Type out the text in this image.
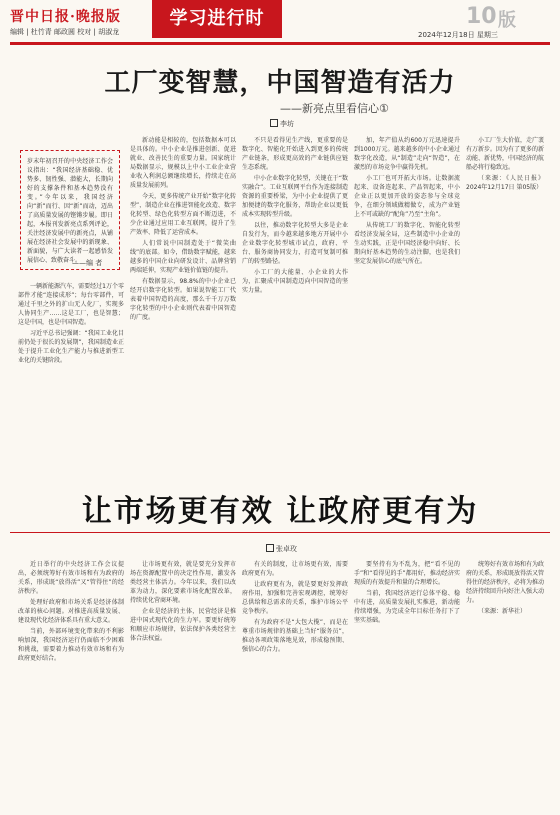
晋中日报·晚报版
编辑 | 杜竹青 邮政圆 校对 | 胡淑龙
学习进行时	10 版
2024年12月18日 星期三
工厂变智慧，中国智造有活力
——新亮点里看信心①
李坊
岁末年初召开的中央经济工作会议指出：“我国经济基础稳、优势多、韧性强、潜能大，长期向好的支撑条件和基本趋势没有变。”今年以来，我国经济向“新”而行、因“新”而动，迈出了高质量发展的铿锵步履。即日起，本报刊发新亮点系列评论，关注经济发展中的新亮点，从铺展在经济社会发展中的新现象、新面貌，与广大读者一起感悟发展信心、致敬奋斗。
——编 者

一辆新能源汽车，需要经过1万个零部件才能“连接成形”；每台零部件，可通过千里之外的扩山无人化厂，实现多人协同生产……这是工厂，也是智慧；这是中国，也是中国智造。

习近平总书记强调：“我国工业化目前仍处于很长的发展期”，我国制造业正处于提升工业化生产能力与推进新型工业化的关键阶段。

新动能是相较的，包括数据本可以是具体的。中小企业是推进创新、促进就业、改善民生的重要力量。国家统计局数据显示，规模以上中小工业企业营业收入利润总额继续增长，持续走在高质量发展前列。

今天，更多传统产业开始“数字化转型”，制造企业在推进智能化改造、数字化转型、绿色化转型方面不断迈进，不少企业通过应用工业互联网，提升了生产效率、降低了运营成本。

人们常说中国制造处于“微笑曲线”的底部。如今，借助数字赋能，越来越多的中国企业向研发设计、品牌营销两端延伸，实现产业链价值链的提升。

有数据显示，98.8%的中小企业已经开启数字化转型。如果说智能工厂代表着中国智造的高度，那么千千万万数字化转型的中小企业则代表着中国智造的广度。

不只是看得见生产线，更重要的是数字化、智能化开始进入到更多的传统产业链条，形成更高效的产业链供应链生态系统。

中小企业数字化转型，关键在于“数实融合”。工业互联网平台作为连接制造资源的重要桥梁，为中小企业提供了更加便捷的数字化服务，帮助企业以更低成本实现转型升级。

以往，推动数字化转型大多是企业自发行为，而今越来越多地方开展中小企业数字化转型城市试点，政府、平台、服务商协同发力，打造可复制可推广的转型路径。

小工厂的大能量、小企业的大作为，汇聚成中国制造迈向中国智造的坚实力量。

加，年产值从约600万元迅速提升到1000万元。越来越多的中小企业通过数字化改造，从“制造”走向“智造”，在激烈的市场竞争中赢得先机。

小工厂也可开拓大市场。让数据流起来、设备连起来、产品智起来，中小企业正以更加开放的姿态参与全球竞争，在细分领域做精做专，成为产业链上不可或缺的“配角”乃至“主角”。

从传统工厂的数字化、智能化转型看经济发展全局，这些制造中小企业的生动实践，正是中国经济稳中向好、长期向好基本趋势的生动注脚，也是我们坚定发展信心的底气所在。

小工厂生大价值，走广袤有万新步。因为有了更多的新动能、新优势，中国经济的航船必将行稳致远。

（来源：《人民日报》2024年12月17日 第05版）

让市场更有效 让政府更有为
张卓玫

近日举行的中央经济工作会议提出，必须统筹好有效市场和有为政府的关系，形成既“放得活”又“管得住”的经济秩序。

处理好政府和市场关系是经济体制改革的核心问题。对推进高质量发展、建设现代化经济体系具有重大意义。

当前，外部环境变化带来的不利影响加深，我国经济运行仍面临不少困难和挑战，需要着力推动有效市场和有为政府更好结合。

让市场更有效，就是要充分发挥市场在资源配置中的决定性作用，激发各类经营主体活力。今年以来，我们以改革为动力，深化要素市场化配置改革，持续优化营商环境。

企业是经济的主体，民营经济是推进中国式现代化的生力军。要更好统筹和顺应市场规律，依法保护各类经营主体合法权益。

有关的制度，让市场更有效，需要政府更有为。

让政府更有为，就是要更好发挥政府作用，加强和完善宏观调控，统筹好总供给和总需求的关系，维护市场公平竞争秩序。

有为政府不是“大包大揽”，而是在尊重市场规律的基础上当好“服务员”，推动各项政策落地见效，形成稳预期、强信心的合力。

要坚持有为不乱为，把“看不见的手”和“看得见的手”都用好，推动经济实现质的有效提升和量的合理增长。

当前，我国经济运行总体平稳、稳中有进，高质量发展扎实推进，新动能持续增强，为完成全年目标任务打下了坚实基础。

统筹好有效市场和有为政府的关系，形成既放得活又管得住的经济秩序，必将为推动经济持续回升向好注入强大动力。

（来源：新华社）
